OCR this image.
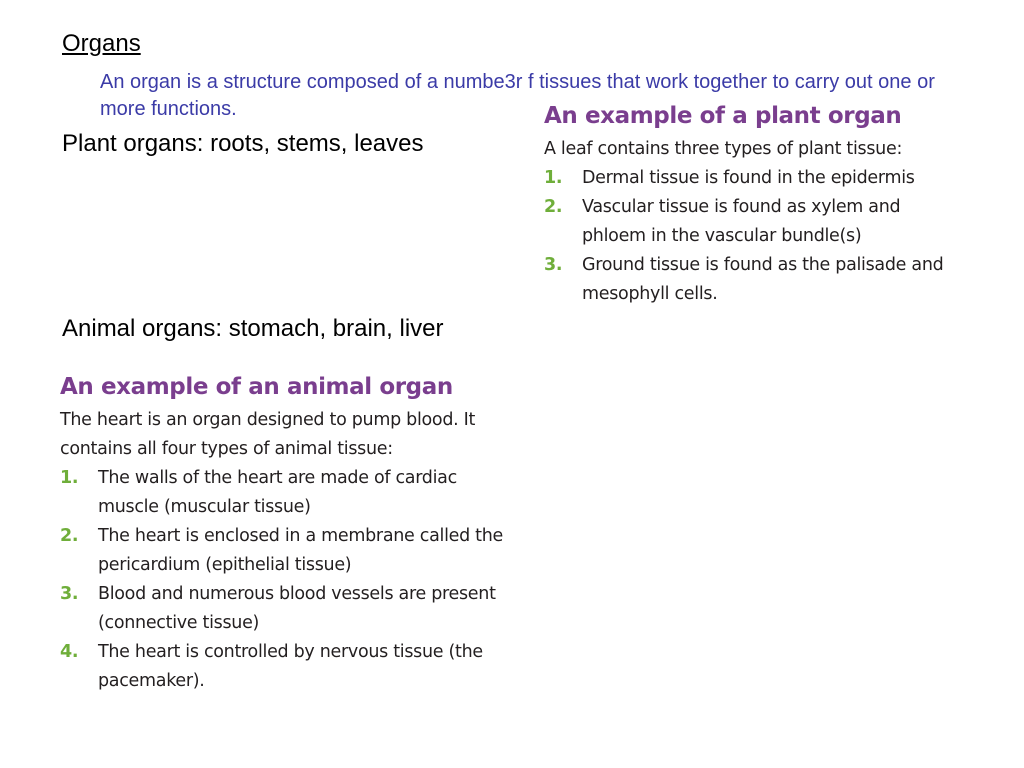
Organs
An organ is a structure composed of a numbe3r f tissues that work together to carry out one or more functions.
Plant organs: roots, stems, leaves
An example of a plant organ
A leaf contains three types of plant tissue:
1.	Dermal tissue is found in the epidermis
2.	Vascular tissue is found as xylem and phloem in the vascular bundle(s)
3.	Ground tissue is found as the palisade and mesophyll cells.
Animal organs: stomach, brain, liver
An example of an animal organ
The heart is an organ designed to pump blood. It contains all four types of animal tissue:
1.	The walls of the heart are made of cardiac muscle (muscular tissue)
2.	The heart is enclosed in a membrane called the pericardium (epithelial tissue)
3.	Blood and numerous blood vessels are present (connective tissue)
4.	The heart is controlled by nervous tissue (the pacemaker).
